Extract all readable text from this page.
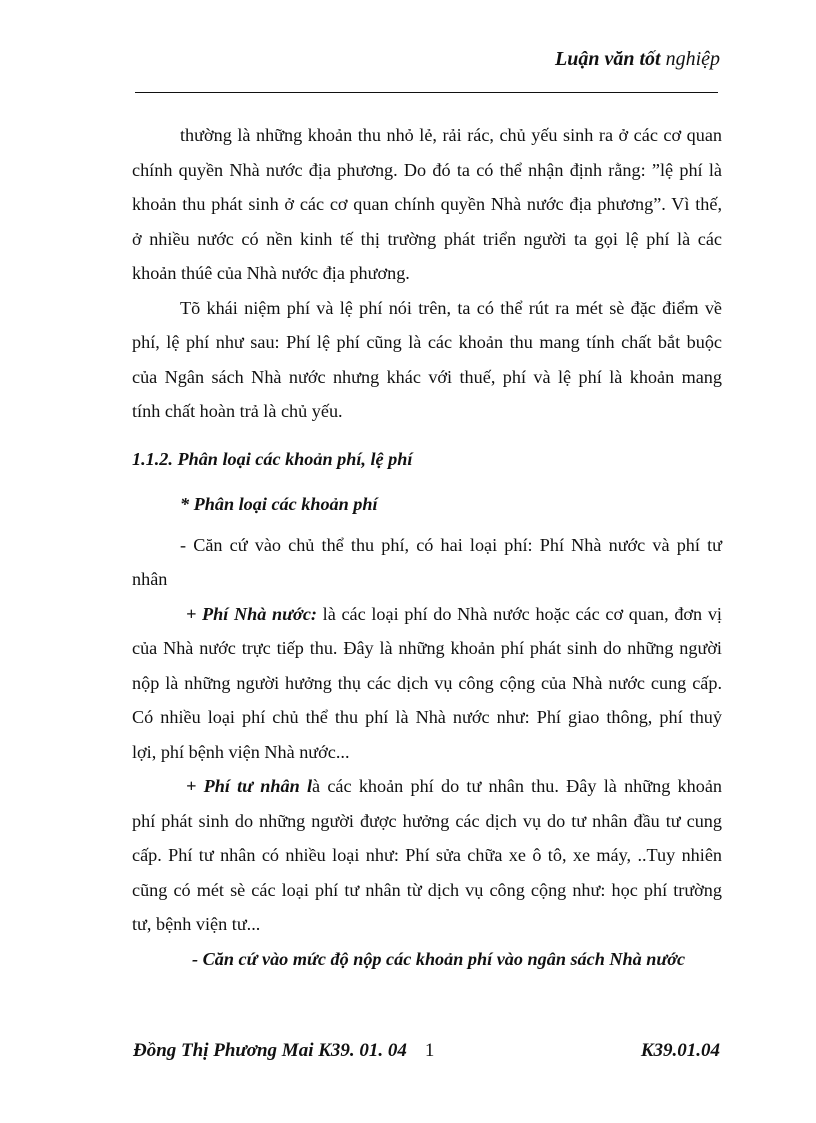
Luận văn tốt nghiệp
thường là những khoản thu nhỏ lẻ, rải rác, chủ yếu sinh ra ở các cơ quan
chính quyền Nhà nước địa phương. Do đó ta có thể nhận định rằng: ”lệ phí là
khoản thu phát sinh ở các cơ quan chính quyền Nhà nước địa phương”. Vì thế,
ở nhiều nước có nền kinh tế thị trường phát triển người ta gọi lệ phí là các
khoản thúê của Nhà nước địa phương.
Tõ khái niệm phí và lệ phí nói trên, ta có thể rút ra mét sè đặc điểm về
phí, lệ phí như sau: Phí lệ phí cũng là các khoản thu mang tính chất bắt buộc
của Ngân sách Nhà nước nhưng khác với thuế, phí và lệ phí là khoản mang
tính chất hoàn trả là chủ yếu.

1.1.2. Phân loại các khoản phí, lệ phí

* Phân loại các khoản phí

- Căn cứ vào chủ thể thu phí, có hai loại phí: Phí Nhà nước và phí tư
nhân
+ Phí Nhà nước: là các loại phí do Nhà nước hoặc các cơ quan, đơn vị
của Nhà nước trực tiếp thu. Đây là những khoản phí phát sinh do những người
nộp là những người hưởng thụ các dịch vụ công cộng của Nhà nước cung cấp.
Có nhiều loại phí chủ thể thu phí là Nhà nước như: Phí giao thông, phí thuỷ
lợi, phí bệnh viện Nhà nước...
+ Phí tư nhân là các khoản phí do tư nhân thu. Đây là những khoản
phí phát sinh do những người được hưởng các dịch vụ do tư nhân đầu tư cung
cấp. Phí tư nhân có nhiều loại như: Phí sửa chữa xe ô tô, xe máy, ..Tuy nhiên
cũng có mét sè các loại phí tư nhân từ dịch vụ công cộng như: học phí trường
tư, bệnh viện tư...

- Căn cứ vào mức độ nộp các khoản phí vào ngân sách Nhà nước

Đồng Thị Phương Mai K39. 01. 04 1	K39.01.04
